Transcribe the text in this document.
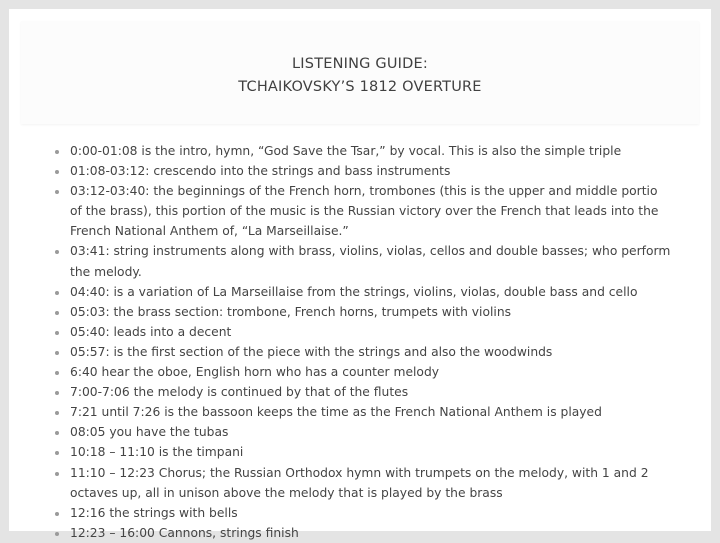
LISTENING GUIDE:
TCHAIKOVSKY’S 1812 OVERTURE
0:00-01:08 is the intro, hymn, “God Save the Tsar,” by vocal. This is also the simple triple
01:08-03:12: crescendo into the strings and bass instruments
03:12-03:40: the beginnings of the French horn, trombones (this is the upper and middle portio
of the brass), this portion of the music is the Russian victory over the French that leads into the
French National Anthem of, “La Marseillaise.”
03:41: string instruments along with brass, violins, violas, cellos and double basses; who perform
the melody.
04:40: is a variation of La Marseillaise from the strings, violins, violas, double bass and cello
05:03: the brass section: trombone, French horns, trumpets with violins
05:40: leads into a decent
05:57: is the first section of the piece with the strings and also the woodwinds
6:40 hear the oboe, English horn who has a counter melody
7:00-7:06 the melody is continued by that of the flutes
7:21 until 7:26 is the bassoon keeps the time as the French National Anthem is played
08:05 you have the tubas
10:18 – 11:10 is the timpani
11:10 – 12:23 Chorus; the Russian Orthodox hymn with trumpets on the melody, with 1 and 2
octaves up, all in unison above the melody that is played by the brass
12:16 the strings with bells
12:23 – 16:00 Cannons, strings finish
